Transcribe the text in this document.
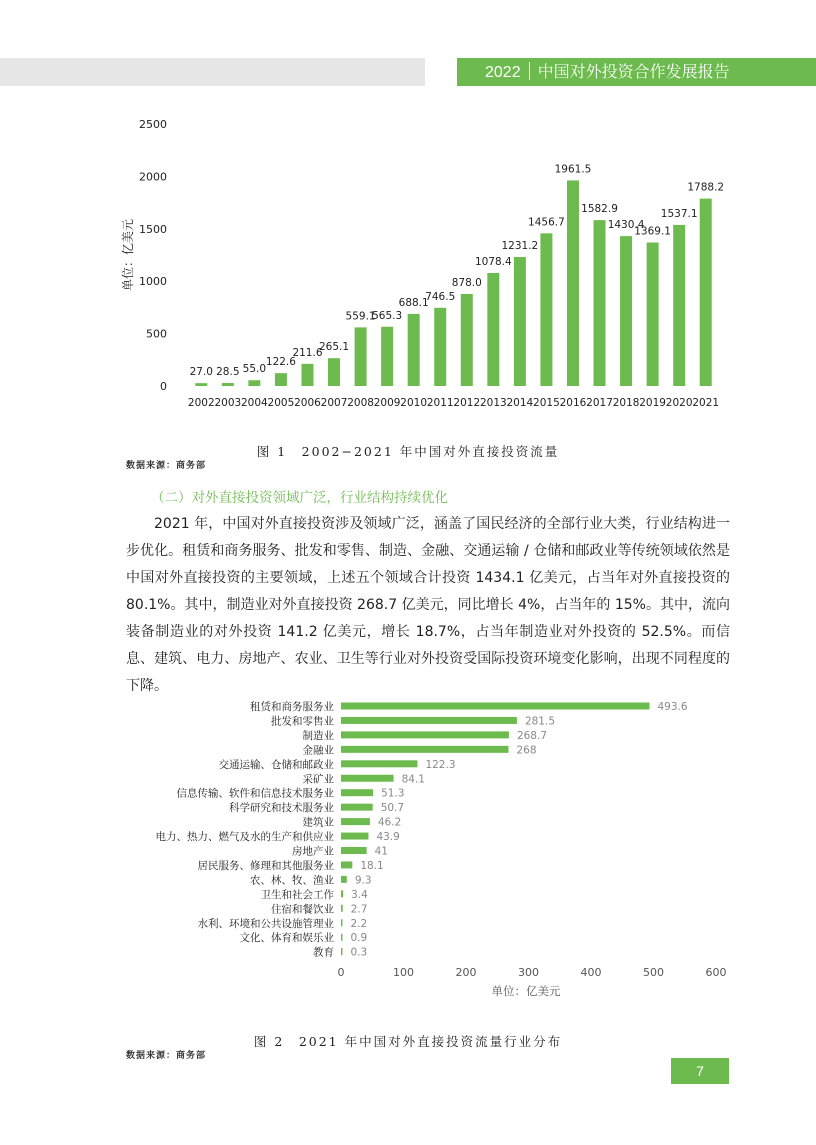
2022 中国对外投资合作发展报告
0
500
1000
1500
2000
2500
单位：亿美元
27.0
2002
28.5
2003
55.0
2004
122.6
2005
211.6
2006
265.1
2007
559.1
2008
565.3
2009
688.1
2010
746.5
2011
878.0
2012
1078.4
2013
1231.2
2014
1456.7
2015
1961.5
2016
1582.9
2017
1430.4
2018
1369.1
2019
1537.1
2020
1788.2
2021
图 1　2002−2021 年中国对外直接投资流量
数据来源：商务部
（二）对外直接投资领域广泛，行业结构持续优化

2021 年，中国对外直接投资涉及领域广泛，涵盖了国民经济的全部行业大类，行业结构进一步优化。租赁和商务服务、批发和零售、制造、金融、交通运输 / 仓储和邮政业等传统领域依然是中国对外直接投资的主要领域，上述五个领域合计投资 1434.1 亿美元，占当年对外直接投资的 80.1%。其中，制造业对外直接投资 268.7 亿美元，同比增长 4%，占当年的 15%。其中，流向装备制造业的对外投资 141.2 亿美元，增长 18.7%，占当年制造业对外投资的 52.5%。而信息、建筑、电力、房地产、农业、卫生等行业对外投资受国际投资环境变化影响，出现不同程度的下降。

租赁和商务服务业	493.6
批发和零售业	281.5
制造业	268.7
金融业	268
交通运输、仓储和邮政业	122.3
采矿业	84.1
信息传输、软件和信息技术服务业	51.3
科学研究和技术服务业	50.7
建筑业	46.2
电力、热力、燃气及水的生产和供应业	43.9
房地产业	41
居民服务、修理和其他服务业	18.1
农、林、牧、渔业 9.3
卫生和社会工作 3.4
住宿和餐饮业 2.7
水利、环境和公共设施管理业 2.2
文化、体育和娱乐业 0.9
教育 0.3
0	100	200	300	400	500	600
单位：亿美元
图 2　2021 年中国对外直接投资流量行业分布
数据来源：商务部
7
